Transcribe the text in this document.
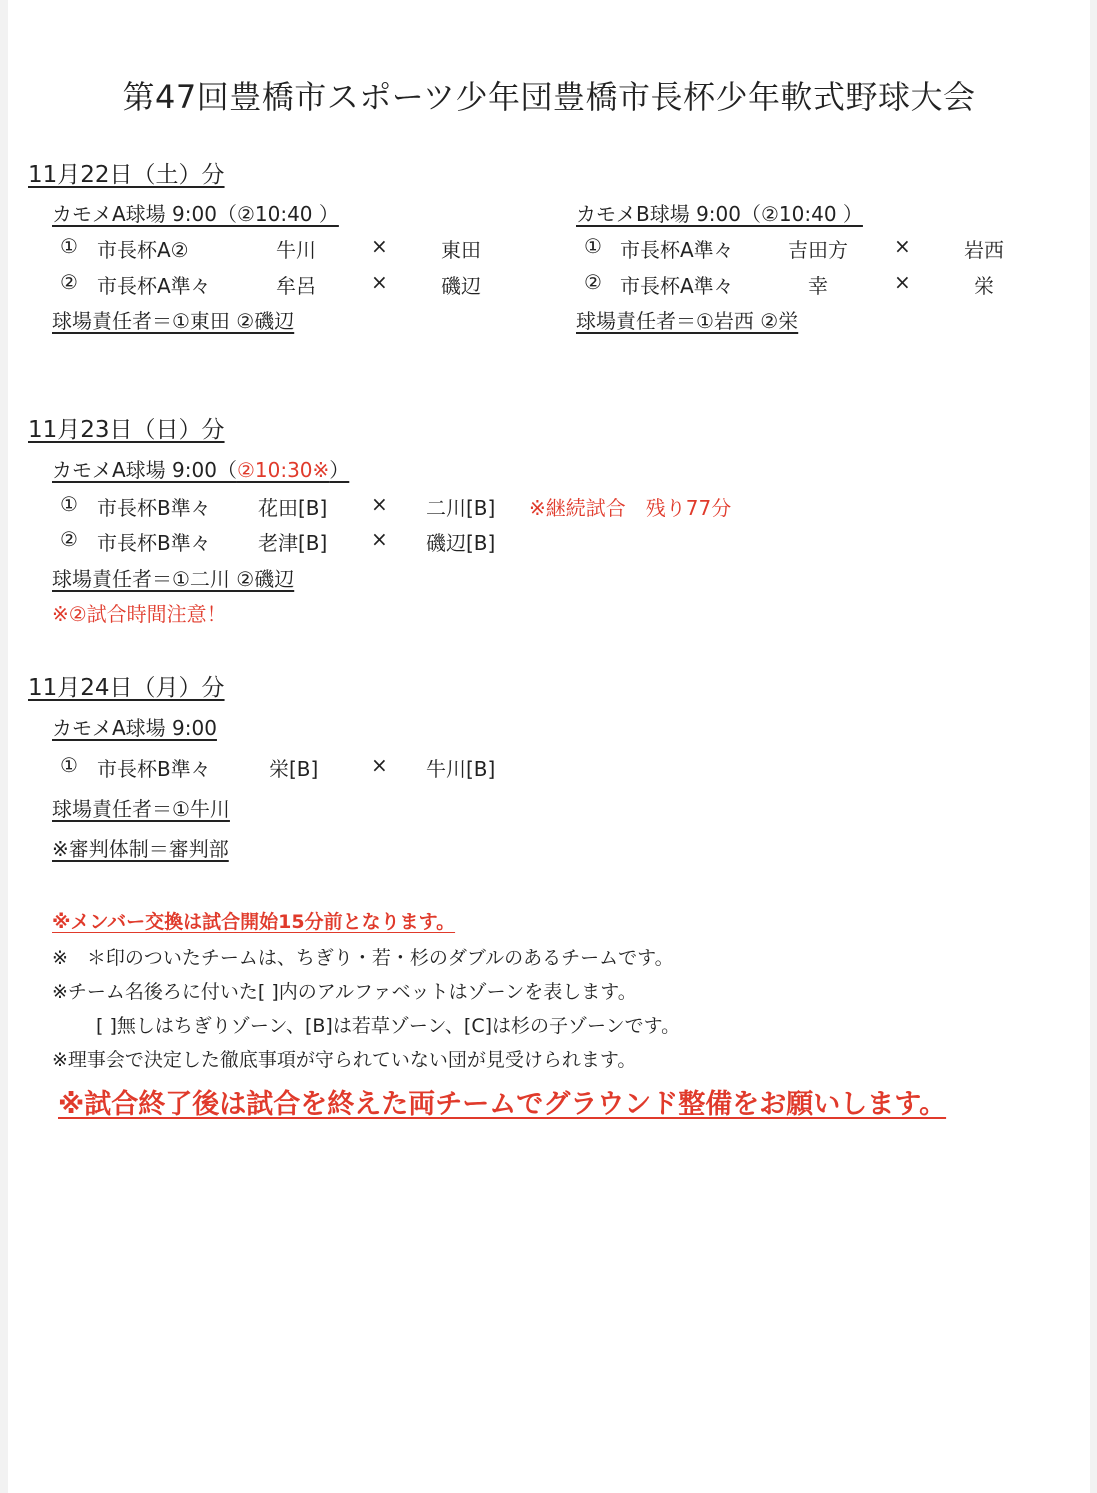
第47回豊橋市スポーツ少年団豊橋市長杯少年軟式野球大会
11月22日（土）分
カモメA球場 9:00（②10:40 ）
① 市長杯A②	牛川	×	東田
② 市長杯A準々	牟呂	×	磯辺
球場責任者＝①東田 ②磯辺
カモメB球場 9:00（②10:40 ）
① 市長杯A準々	吉田方 ×	岩西
② 市長杯A準々	幸	×	栄
球場責任者＝①岩西 ②栄
11月23日（日）分
カモメA球場 9:00（②10:30※）
① 市長杯B準々 花田[B] × 二川[B] ※継続試合　残り77分
② 市長杯B準々 老津[B] × 磯辺[B]
球場責任者＝①二川 ②磯辺
※②試合時間注意！
11月24日（月）分
カモメA球場 9:00
① 市長杯B準々	栄[B]	× 牛川[B]
球場責任者＝①牛川
※審判体制＝審判部
※メンバー交換は試合開始15分前となります。
※　＊印のついたチームは、ちぎり・若・杉のダブルのあるチームです。
※チーム名後ろに付いた[ ]内のアルファベットはゾーンを表します。
[ ]無しはちぎりゾーン、[B]は若草ゾーン、[C]は杉の子ゾーンです。
※理事会で決定した徹底事項が守られていない団が見受けられます。
※試合終了後は試合を終えた両チームでグラウンド整備をお願いします。
